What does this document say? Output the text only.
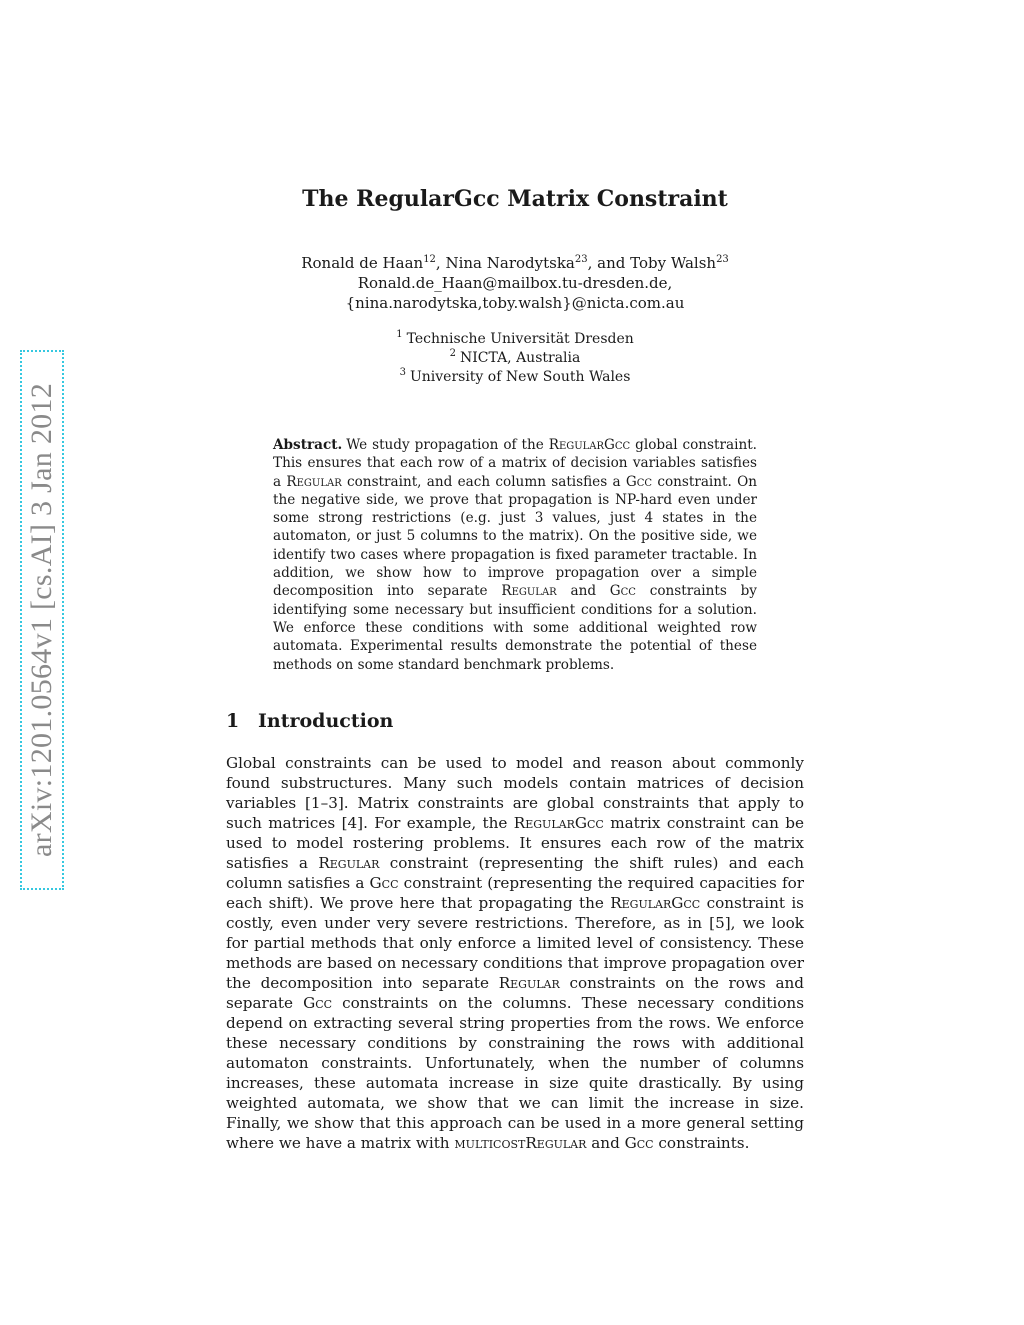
arXiv:1201.0564v1 [cs.AI] 3 Jan 2012
The RegularGcc Matrix Constraint
Ronald de Haan$^{12}$, Nina Narodytska$^{23}$, and Toby Walsh$^{23}$
Ronald.de_Haan@mailbox.tu-dresden.de,
{nina.narodytska,toby.walsh}@nicta.com.au
$^1$ Technische Universität Dresden
$^2$ NICTA, Australia
$^3$ University of New South Wales
Abstract. We study propagation of the RegularGcc global constraint. This ensures that each row of a matrix of decision variables satisfies a Regular constraint, and each column satisfies a Gcc constraint. On the negative side, we prove that propagation is NP-hard even under some strong restrictions (e.g. just 3 values, just 4 states in the automaton, or just 5 columns to the matrix). On the positive side, we identify two cases where propagation is fixed parameter tractable. In addition, we show how to improve propagation over a simple decomposition into separate Regular and Gcc constraints by identifying some necessary but insufficient conditions for a solution. We enforce these conditions with some additional weighted row automata. Experimental results demonstrate the potential of these methods on some standard benchmark problems.
1 Introduction
Global constraints can be used to model and reason about commonly found substructures. Many such models contain matrices of decision variables [1–3]. Matrix constraints are global constraints that apply to such matrices [4]. For example, the RegularGcc matrix constraint can be used to model rostering problems. It ensures each row of the matrix satisfies a Regular constraint (representing the shift rules) and each column satisfies a Gcc constraint (representing the required capacities for each shift). We prove here that propagating the RegularGcc constraint is costly, even under very severe restrictions. Therefore, as in [5], we look for partial methods that only enforce a limited level of consistency. These methods are based on necessary conditions that improve propagation over the decomposition into separate Regular constraints on the rows and separate Gcc constraints on the columns. These necessary conditions depend on extracting several string properties from the rows. We enforce these necessary conditions by constraining the rows with additional automaton constraints. Unfortunately, when the number of columns increases, these automata increase in size quite drastically. By using weighted automata, we show that we can limit the increase in size. Finally, we show that this approach can be used in a more general setting where we have a matrix with multicostRegular and Gcc constraints.
